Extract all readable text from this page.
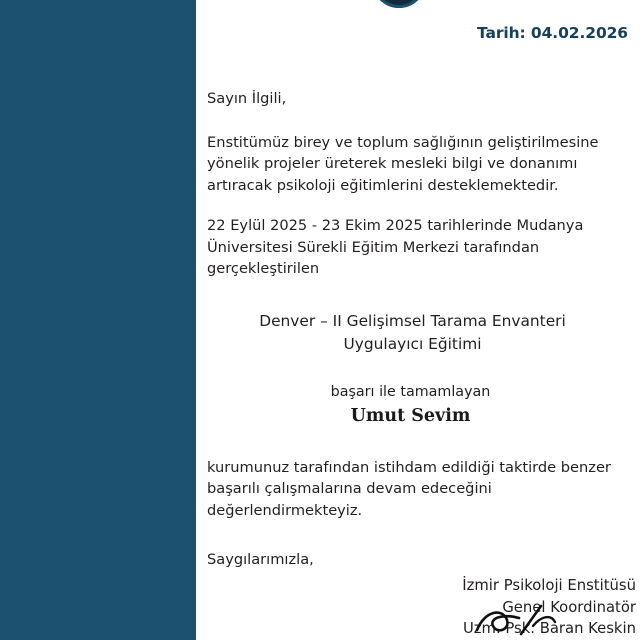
Tarih: 04.02.2026

Sayın İlgili,

Enstitümüz birey ve toplum sağlığının geliştirilmesine yönelik projeler üreterek mesleki bilgi ve donanımı artıracak psikoloji eğitimlerini desteklemektedir.

22 Eylül 2025 - 23 Ekim 2025 tarihlerinde Mudanya Üniversitesi Sürekli Eğitim Merkezi tarafından gerçekleştirilen

Denver – II Gelişimsel Tarama Envanteri

Uygulayıcı Eğitimi

başarı ile tamamlayan

Umut Sevim

kurumunuz tarafından istihdam edildiği taktirde benzer başarılı çalışmalarına devam edeceğini değerlendirmekteyiz.

Saygılarımızla,

İzmir Psikoloji Enstitüsü
Genel Koordinatör
Uzm. Psk. Baran Keskin
